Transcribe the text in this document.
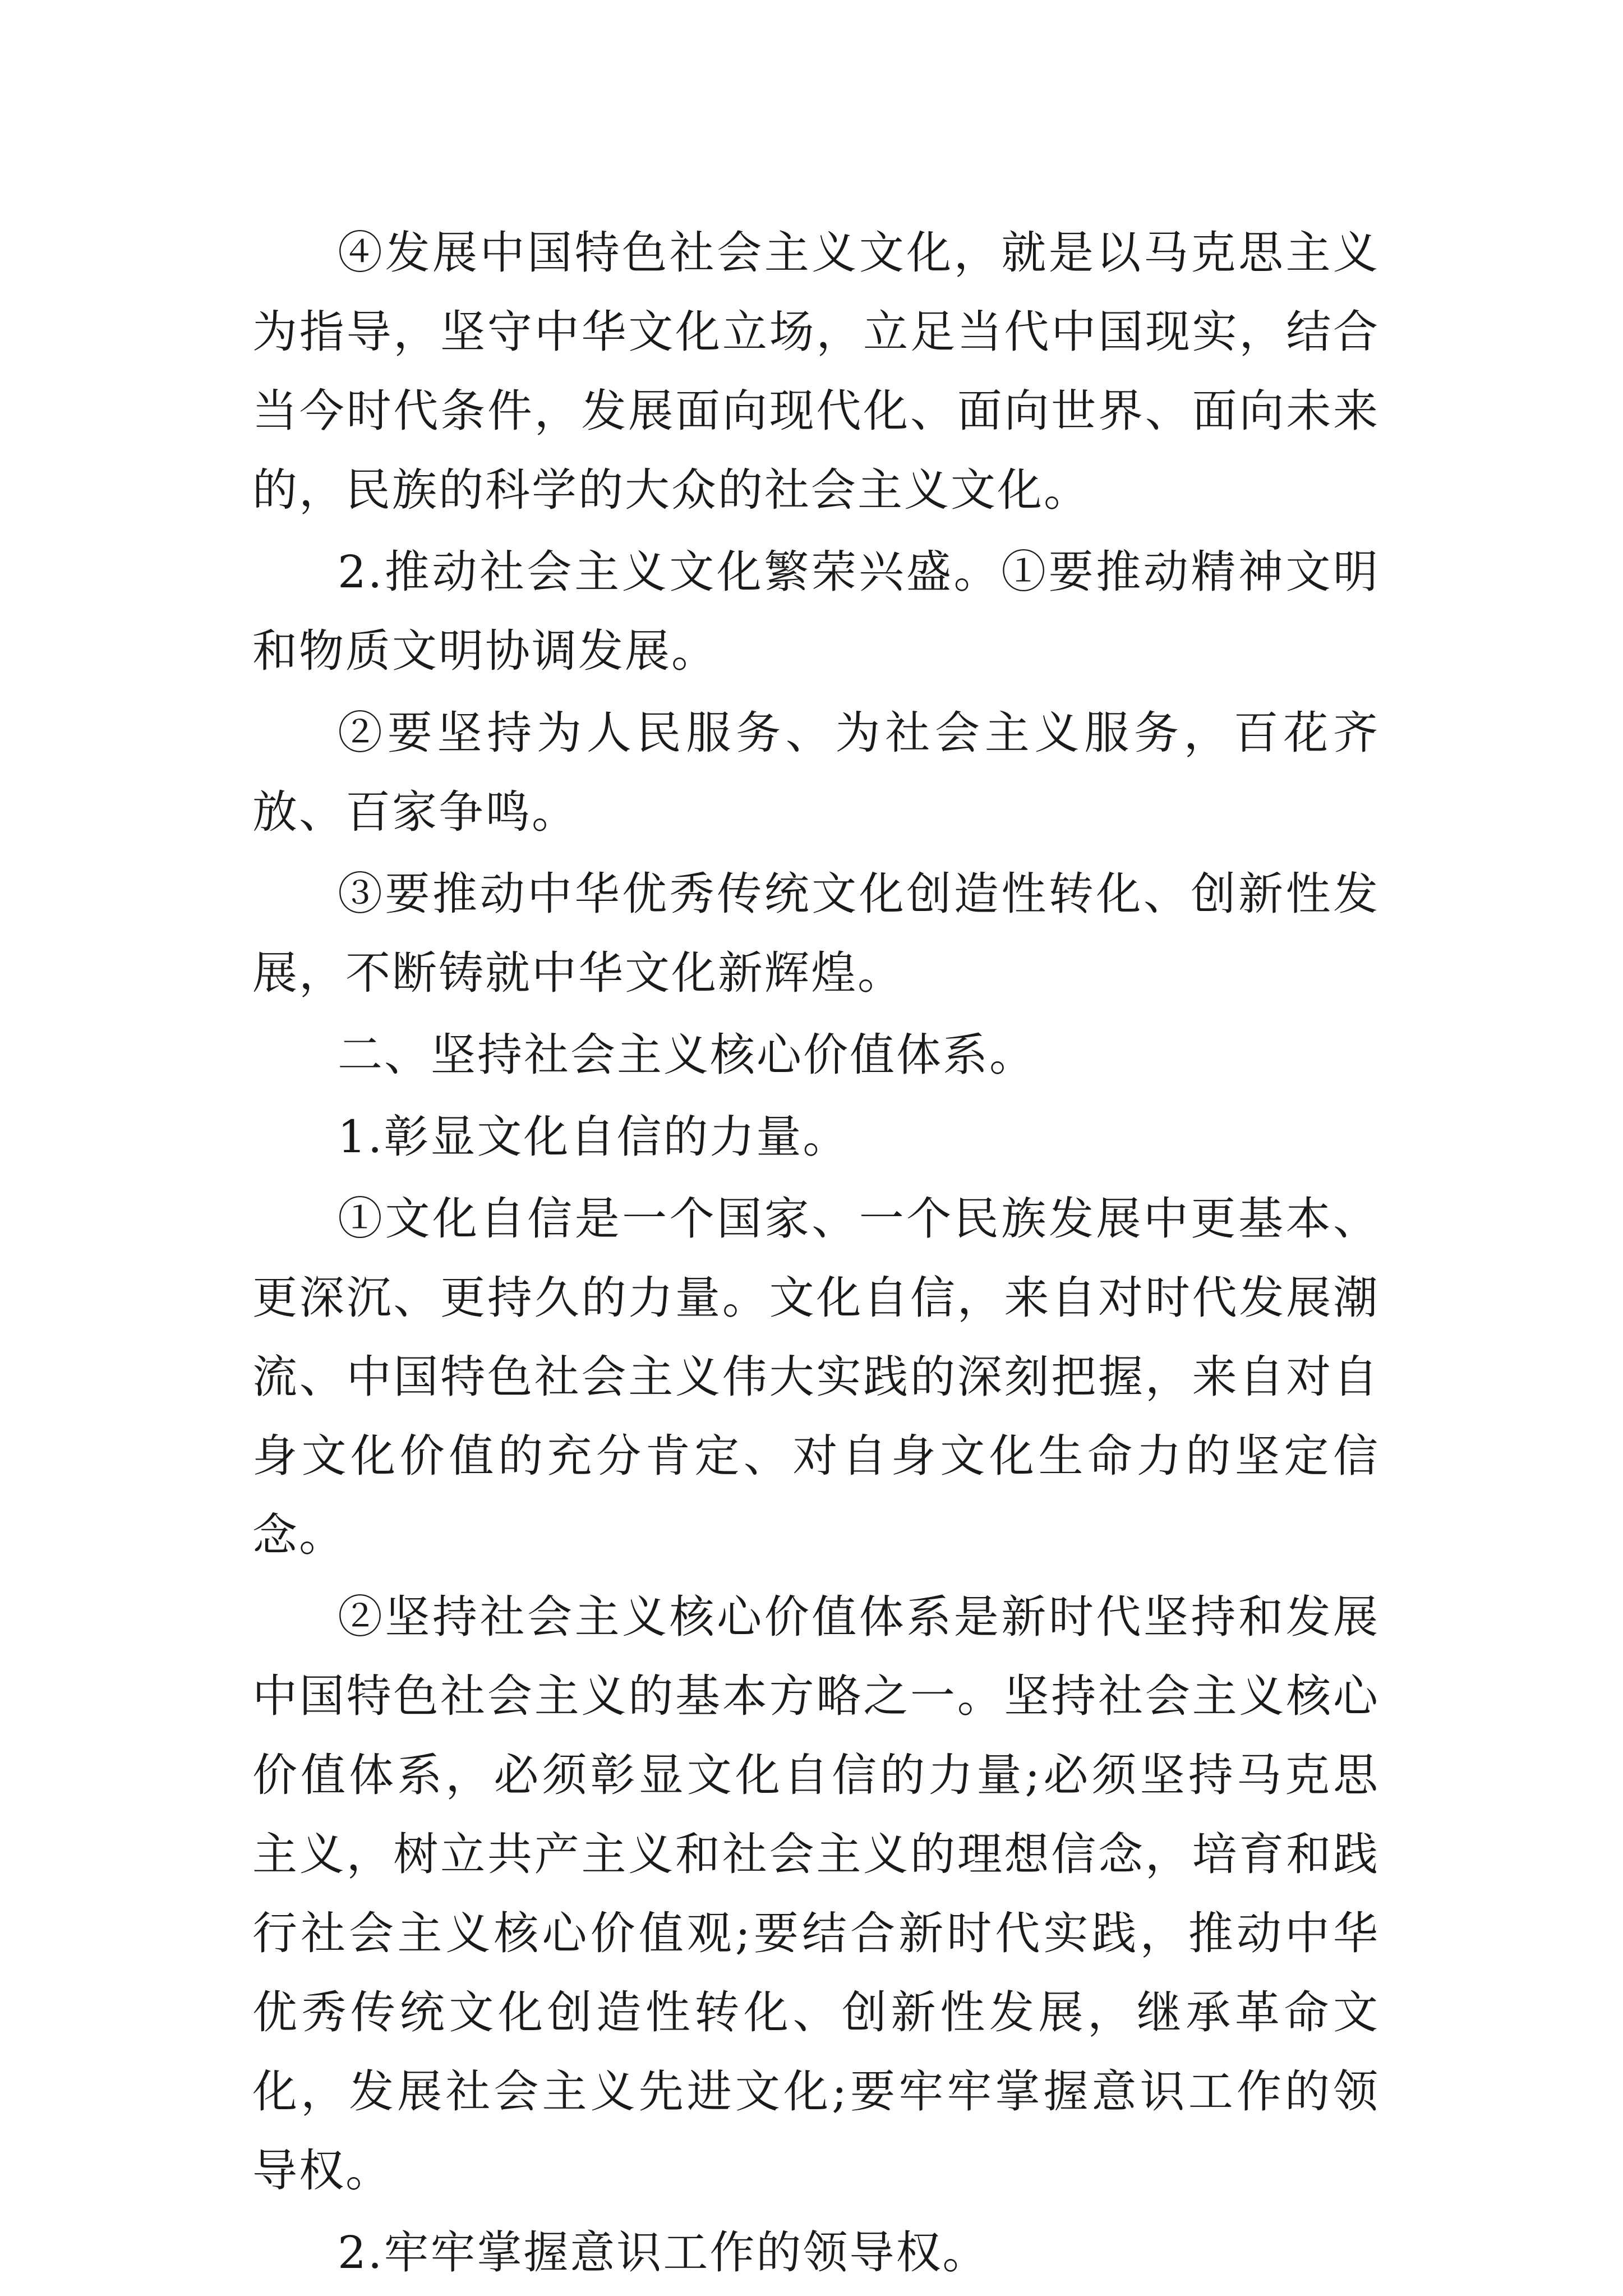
④发展中国特色社会主义文化，就是以马克思主义为指导，坚守中华文化立场，立足当代中国现实，结合当今时代条件，发展面向现代化、面向世界、面向未来的，民族的科学的大众的社会主义文化。

2.推动社会主义文化繁荣兴盛。①要推动精神文明和物质文明协调发展。

②要坚持为人民服务、为社会主义服务，百花齐放、百家争鸣。

③要推动中华优秀传统文化创造性转化、创新性发展，不断铸就中华文化新辉煌。

二、坚持社会主义核心价值体系。

1.彰显文化自信的力量。

①文化自信是一个国家、一个民族发展中更基本、更深沉、更持久的力量。文化自信，来自对时代发展潮流、中国特色社会主义伟大实践的深刻把握，来自对自身文化价值的充分肯定、对自身文化生命力的坚定信念。

②坚持社会主义核心价值体系是新时代坚持和发展中国特色社会主义的基本方略之一。坚持社会主义核心价值体系，必须彰显文化自信的力量;必须坚持马克思主义，树立共产主义和社会主义的理想信念，培育和践行社会主义核心价值观;要结合新时代实践，推动中华优秀传统文化创造性转化、创新性发展，继承革命文化，发展社会主义先进文化;要牢牢掌握意识工作的领导权。

2.牢牢掌握意识工作的领导权。
